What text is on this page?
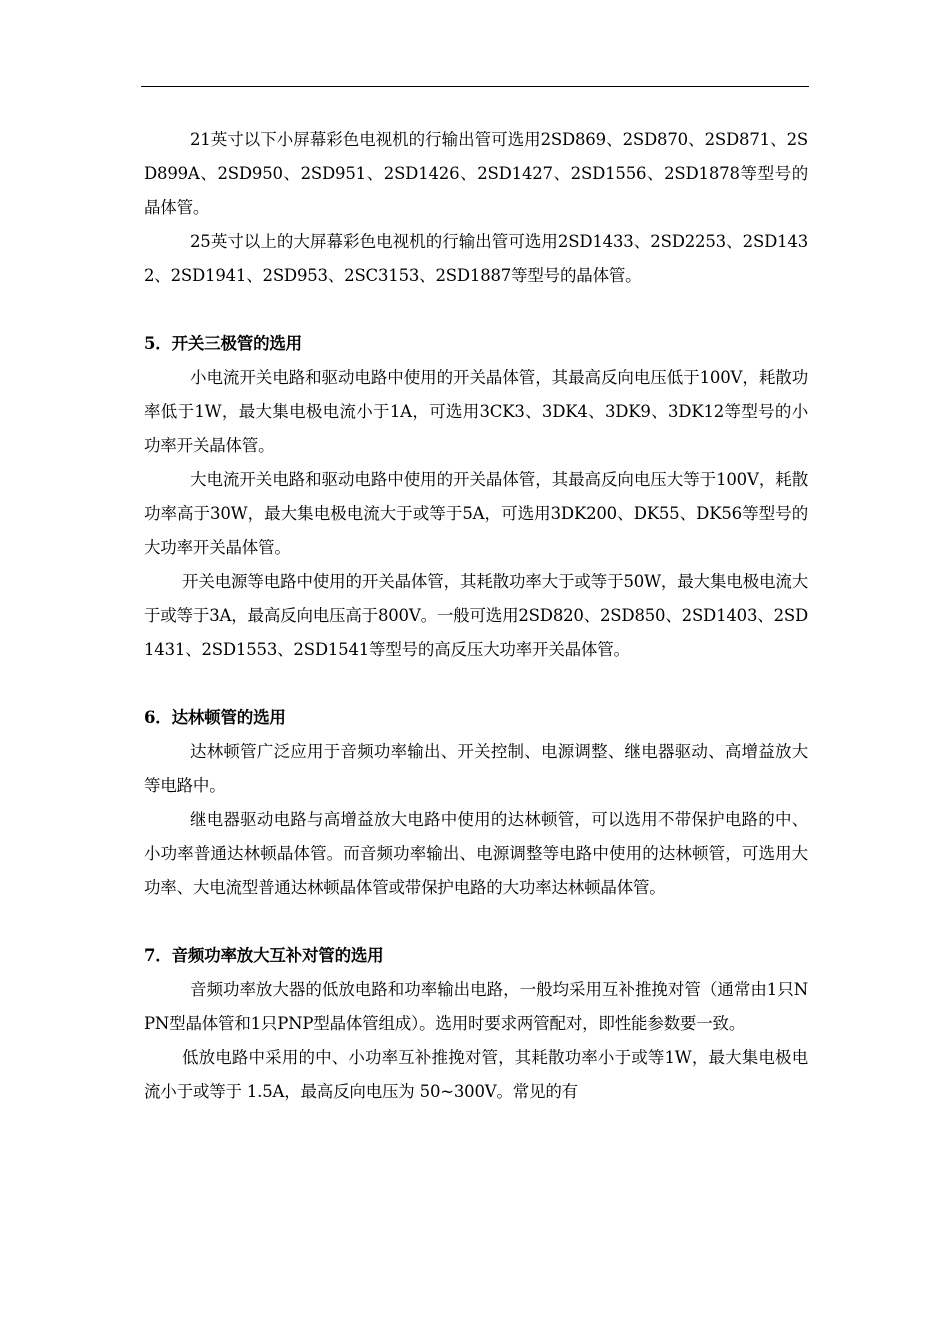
21英寸以下小屏幕彩色电视机的行输出管可选用2SD869、2SD870、2SD871、2SD899A、2SD950、2SD951、2SD1426、2SD1427、2SD1556、2SD1878等型号的晶体管。

25英寸以上的大屏幕彩色电视机的行输出管可选用2SD1433、2SD2253、2SD1432、2SD1941、2SD953、2SC3153、2SD1887等型号的晶体管。

5．开关三极管的选用

小电流开关电路和驱动电路中使用的开关晶体管，其最高反向电压低于100V，耗散功率低于1W，最大集电极电流小于1A，可选用3CK3、3DK4、3DK9、3DK12等型号的小功率开关晶体管。

大电流开关电路和驱动电路中使用的开关晶体管，其最高反向电压大等于100V，耗散功率高于30W，最大集电极电流大于或等于5A，可选用3DK200、DK55、DK56等型号的大功率开关晶体管。

开关电源等电路中使用的开关晶体管，其耗散功率大于或等于50W，最大集电极电流大于或等于3A，最高反向电压高于800V。一般可选用2SD820、2SD850、2SD1403、2SD1431、2SD1553、2SD1541等型号的高反压大功率开关晶体管。

6．达林顿管的选用

达林顿管广泛应用于音频功率输出、开关控制、电源调整、继电器驱动、高增益放大等电路中。

继电器驱动电路与高增益放大电路中使用的达林顿管，可以选用不带保护电路的中、小功率普通达林顿晶体管。而音频功率输出、电源调整等电路中使用的达林顿管，可选用大功率、大电流型普通达林顿晶体管或带保护电路的大功率达林顿晶体管。

7．音频功率放大互补对管的选用

音频功率放大器的低放电路和功率输出电路，一般均采用互补推挽对管（通常由1只NPN型晶体管和1只PNP型晶体管组成）。选用时要求两管配对，即性能参数要一致。

低放电路中采用的中、小功率互补推挽对管，其耗散功率小于或等1W，最大集电极电流小于或等于 1.5A，最高反向电压为 50~300V。常见的有
